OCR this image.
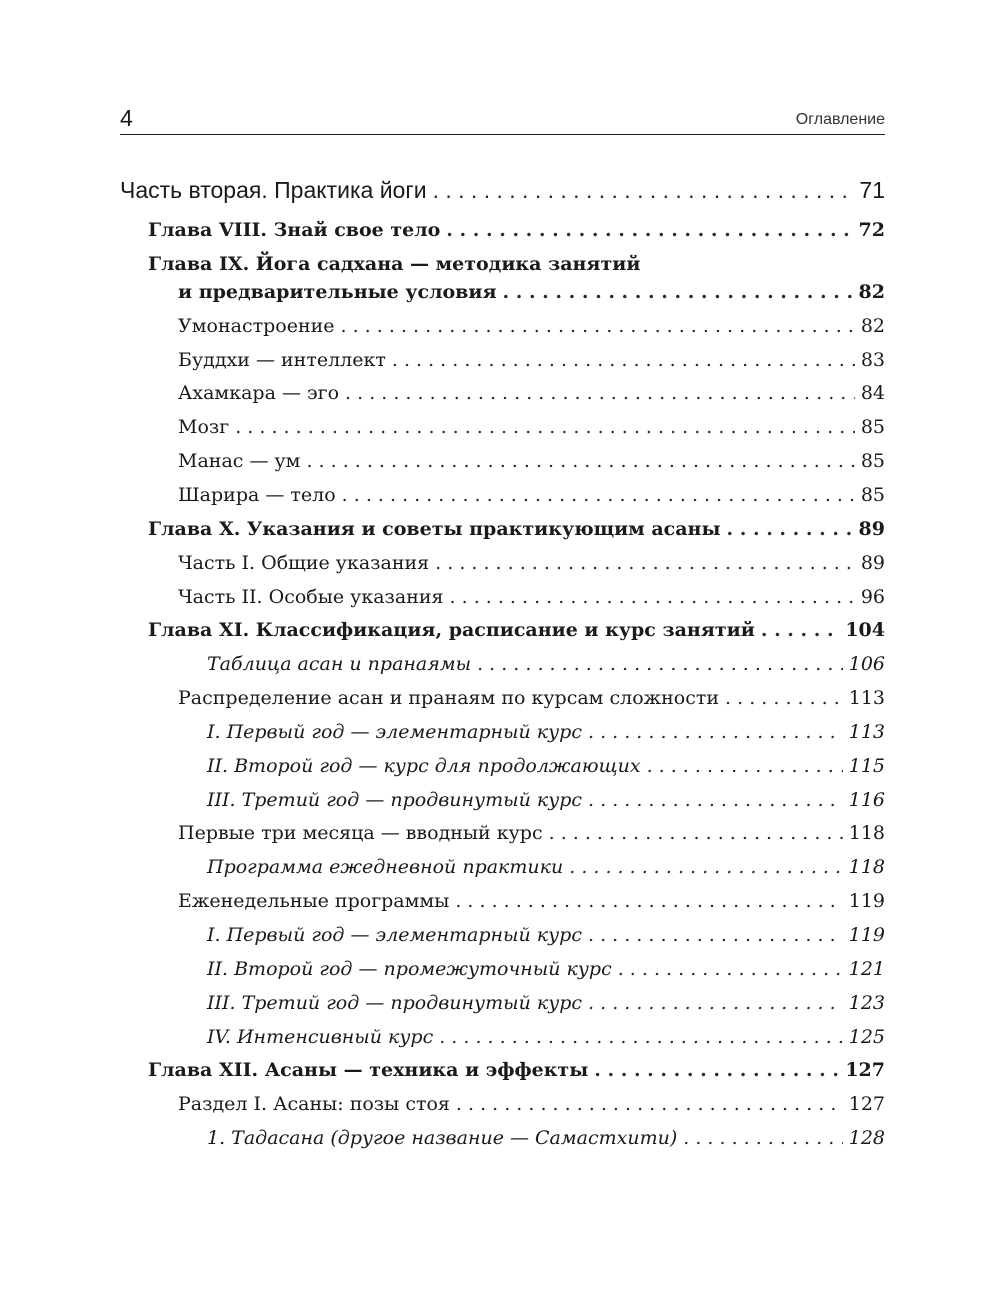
4	Оглавление
Часть вторая. Практика йоги . . .	71
Глава VIII. Знай свое тело . . .	72
Глава IX. Йога садхана — методика занятий
и предварительные условия . . .	82
Умонастроение . . .	82
Буддхи — интеллект . . .	83
Ахамкара — эго . . .	84
Мозг . . .	85
Манас — ум . . .	85
Шарира — тело . . .	85
Глава X. Указания и советы практикующим асаны . . .	89
Часть I. Общие указания . . .	89
Часть II. Особые указания . . .	96
Глава XI. Классификация, расписание и курс занятий . . .	104
Таблица асан и пранаямы . . .	106
Распределение асан и пранаям по курсам сложности . . .	113
I. Первый год — элементарный курс . . .	113
II. Второй год — курс для продолжающих . . .	115
III. Третий год — продвинутый курс . . .	116
Первые три месяца — вводный курс . . .	118
Программа ежедневной практики . . .	118
Еженедельные программы . . .	119
I. Первый год — элементарный курс . . .	119
II. Второй год — промежуточный курс . . .	121
III. Третий год — продвинутый курс . . .	123
IV. Интенсивный курс . . .	125
Глава XII. Асаны — техника и эффекты . . .	127
Раздел I. Асаны: позы стоя . . .	127
1. Тадасана (другое название — Самастхити) . . .	128
